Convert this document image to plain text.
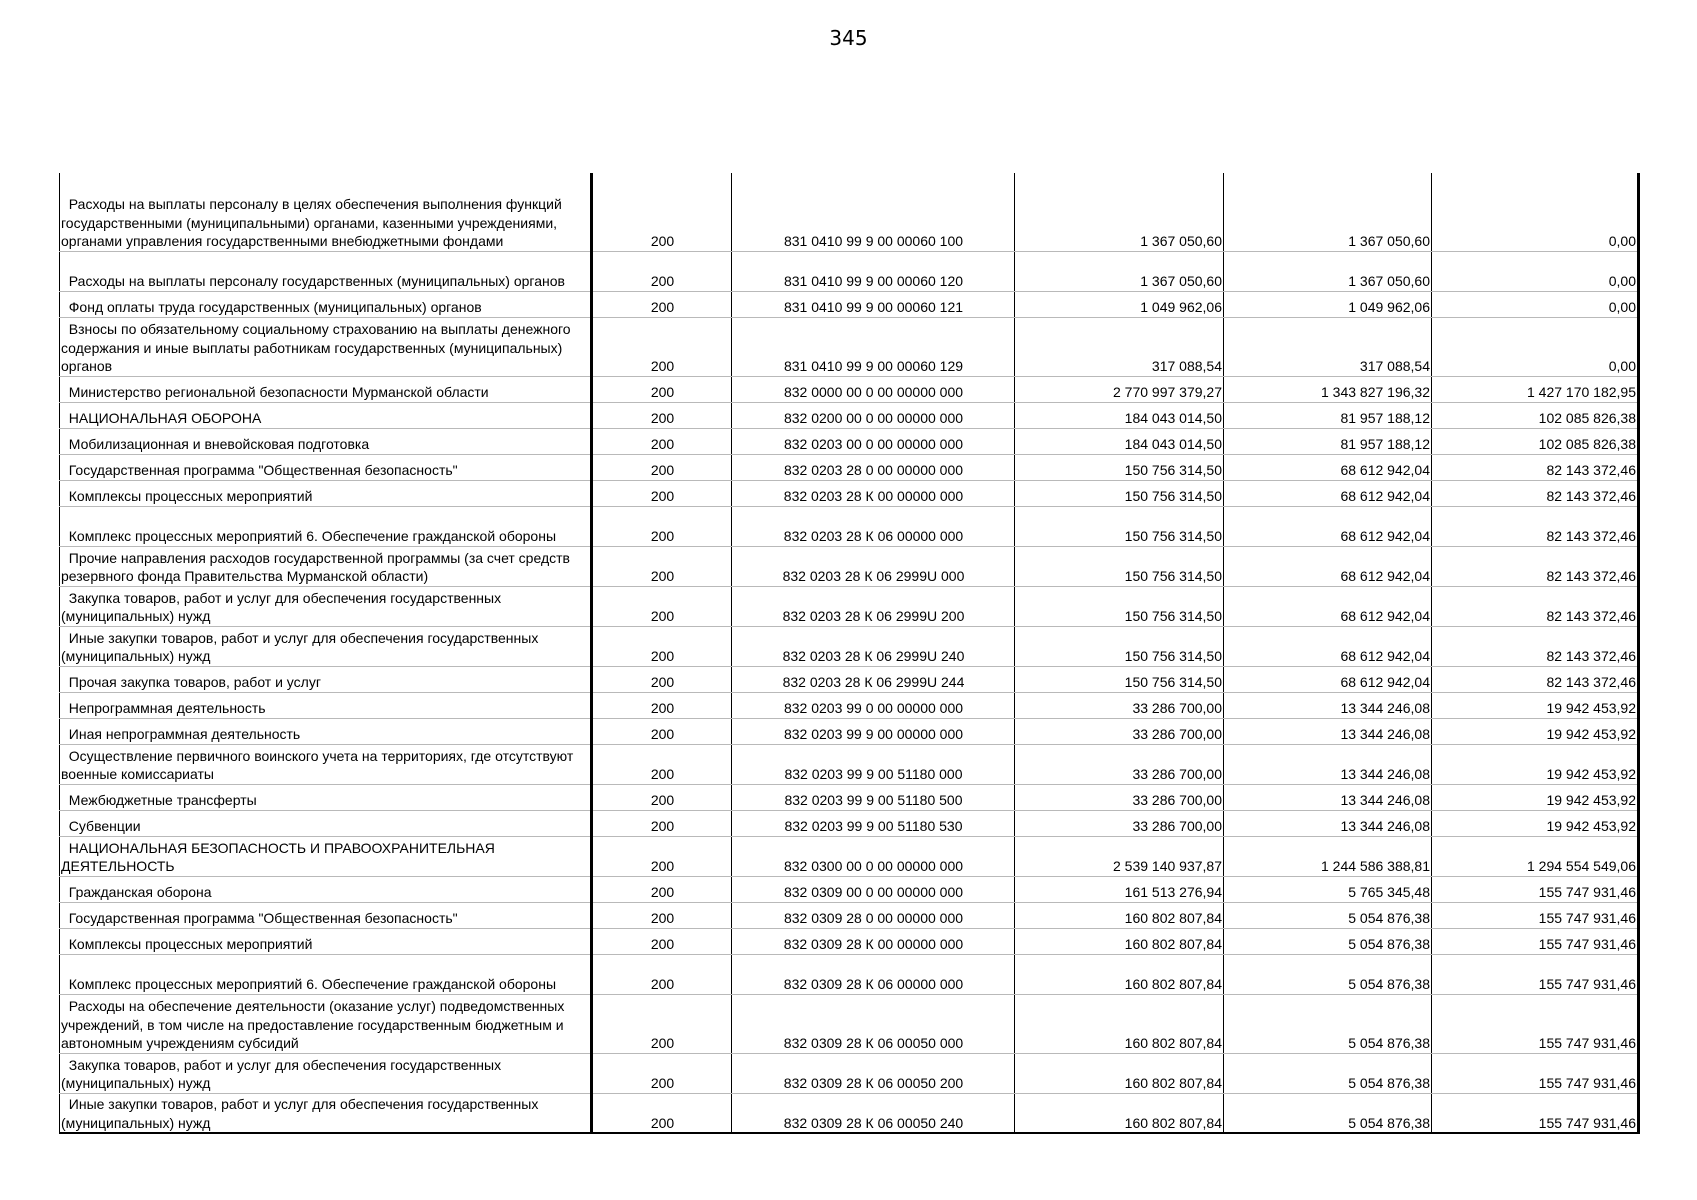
345
Расходы на выплаты персоналу в целях обеспечения выполнения функций государственными (муниципальными) органами, казенными учреждениями, органами управления государственными внебюджетными фондами	200	831 0410 99 9 00 00060 100	1 367 050,60	1 367 050,60	0,00
Расходы на выплаты персоналу государственных (муниципальных) органов	200	831 0410 99 9 00 00060 120	1 367 050,60	1 367 050,60	0,00
Фонд оплаты труда государственных (муниципальных) органов	200	831 0410 99 9 00 00060 121	1 049 962,06	1 049 962,06	0,00
Взносы по обязательному социальному страхованию на выплаты денежного содержания и иные выплаты работникам государственных (муниципальных) органов	200	831 0410 99 9 00 00060 129	317 088,54	317 088,54	0,00
Министерство региональной безопасности Мурманской области	200	832 0000 00 0 00 00000 000	2 770 997 379,27	1 343 827 196,32	1 427 170 182,95
НАЦИОНАЛЬНАЯ ОБОРОНА	200	832 0200 00 0 00 00000 000	184 043 014,50	81 957 188,12	102 085 826,38
Мобилизационная и вневойсковая подготовка	200	832 0203 00 0 00 00000 000	184 043 014,50	81 957 188,12	102 085 826,38
Государственная программа "Общественная безопасность"	200	832 0203 28 0 00 00000 000	150 756 314,50	68 612 942,04	82 143 372,46
Комплексы процессных мероприятий	200	832 0203 28 К 00 00000 000	150 756 314,50	68 612 942,04	82 143 372,46
Комплекс процессных мероприятий 6. Обеспечение гражданской обороны	200	832 0203 28 К 06 00000 000	150 756 314,50	68 612 942,04	82 143 372,46
Прочие направления расходов государственной программы (за счет средств резервного фонда Правительства Мурманской области)	200	832 0203 28 К 06 2999U 000	150 756 314,50	68 612 942,04	82 143 372,46
Закупка товаров, работ и услуг для обеспечения государственных (муниципальных) нужд	200	832 0203 28 К 06 2999U 200	150 756 314,50	68 612 942,04	82 143 372,46
Иные закупки товаров, работ и услуг для обеспечения государственных (муниципальных) нужд	200	832 0203 28 К 06 2999U 240	150 756 314,50	68 612 942,04	82 143 372,46
Прочая закупка товаров, работ и услуг	200	832 0203 28 К 06 2999U 244	150 756 314,50	68 612 942,04	82 143 372,46
Непрограммная деятельность	200	832 0203 99 0 00 00000 000	33 286 700,00	13 344 246,08	19 942 453,92
Иная непрограммная деятельность	200	832 0203 99 9 00 00000 000	33 286 700,00	13 344 246,08	19 942 453,92
Осуществление первичного воинского учета на территориях, где отсутствуют военные комиссариаты	200	832 0203 99 9 00 51180 000	33 286 700,00	13 344 246,08	19 942 453,92
Межбюджетные трансферты	200	832 0203 99 9 00 51180 500	33 286 700,00	13 344 246,08	19 942 453,92
Субвенции	200	832 0203 99 9 00 51180 530	33 286 700,00	13 344 246,08	19 942 453,92
НАЦИОНАЛЬНАЯ БЕЗОПАСНОСТЬ И ПРАВООХРАНИТЕЛЬНАЯ ДЕЯТЕЛЬНОСТЬ	200	832 0300 00 0 00 00000 000	2 539 140 937,87	1 244 586 388,81	1 294 554 549,06
Гражданская оборона	200	832 0309 00 0 00 00000 000	161 513 276,94	5 765 345,48	155 747 931,46
Государственная программа "Общественная безопасность"	200	832 0309 28 0 00 00000 000	160 802 807,84	5 054 876,38	155 747 931,46
Комплексы процессных мероприятий	200	832 0309 28 К 00 00000 000	160 802 807,84	5 054 876,38	155 747 931,46
Комплекс процессных мероприятий 6. Обеспечение гражданской обороны	200	832 0309 28 К 06 00000 000	160 802 807,84	5 054 876,38	155 747 931,46
Расходы на обеспечение деятельности (оказание услуг) подведомственных учреждений, в том числе на предоставление государственным бюджетным и автономным учреждениям субсидий	200	832 0309 28 К 06 00050 000	160 802 807,84	5 054 876,38	155 747 931,46
Закупка товаров, работ и услуг для обеспечения государственных (муниципальных) нужд	200	832 0309 28 К 06 00050 200	160 802 807,84	5 054 876,38	155 747 931,46
Иные закупки товаров, работ и услуг для обеспечения государственных (муниципальных) нужд	200	832 0309 28 К 06 00050 240	160 802 807,84	5 054 876,38	155 747 931,46
